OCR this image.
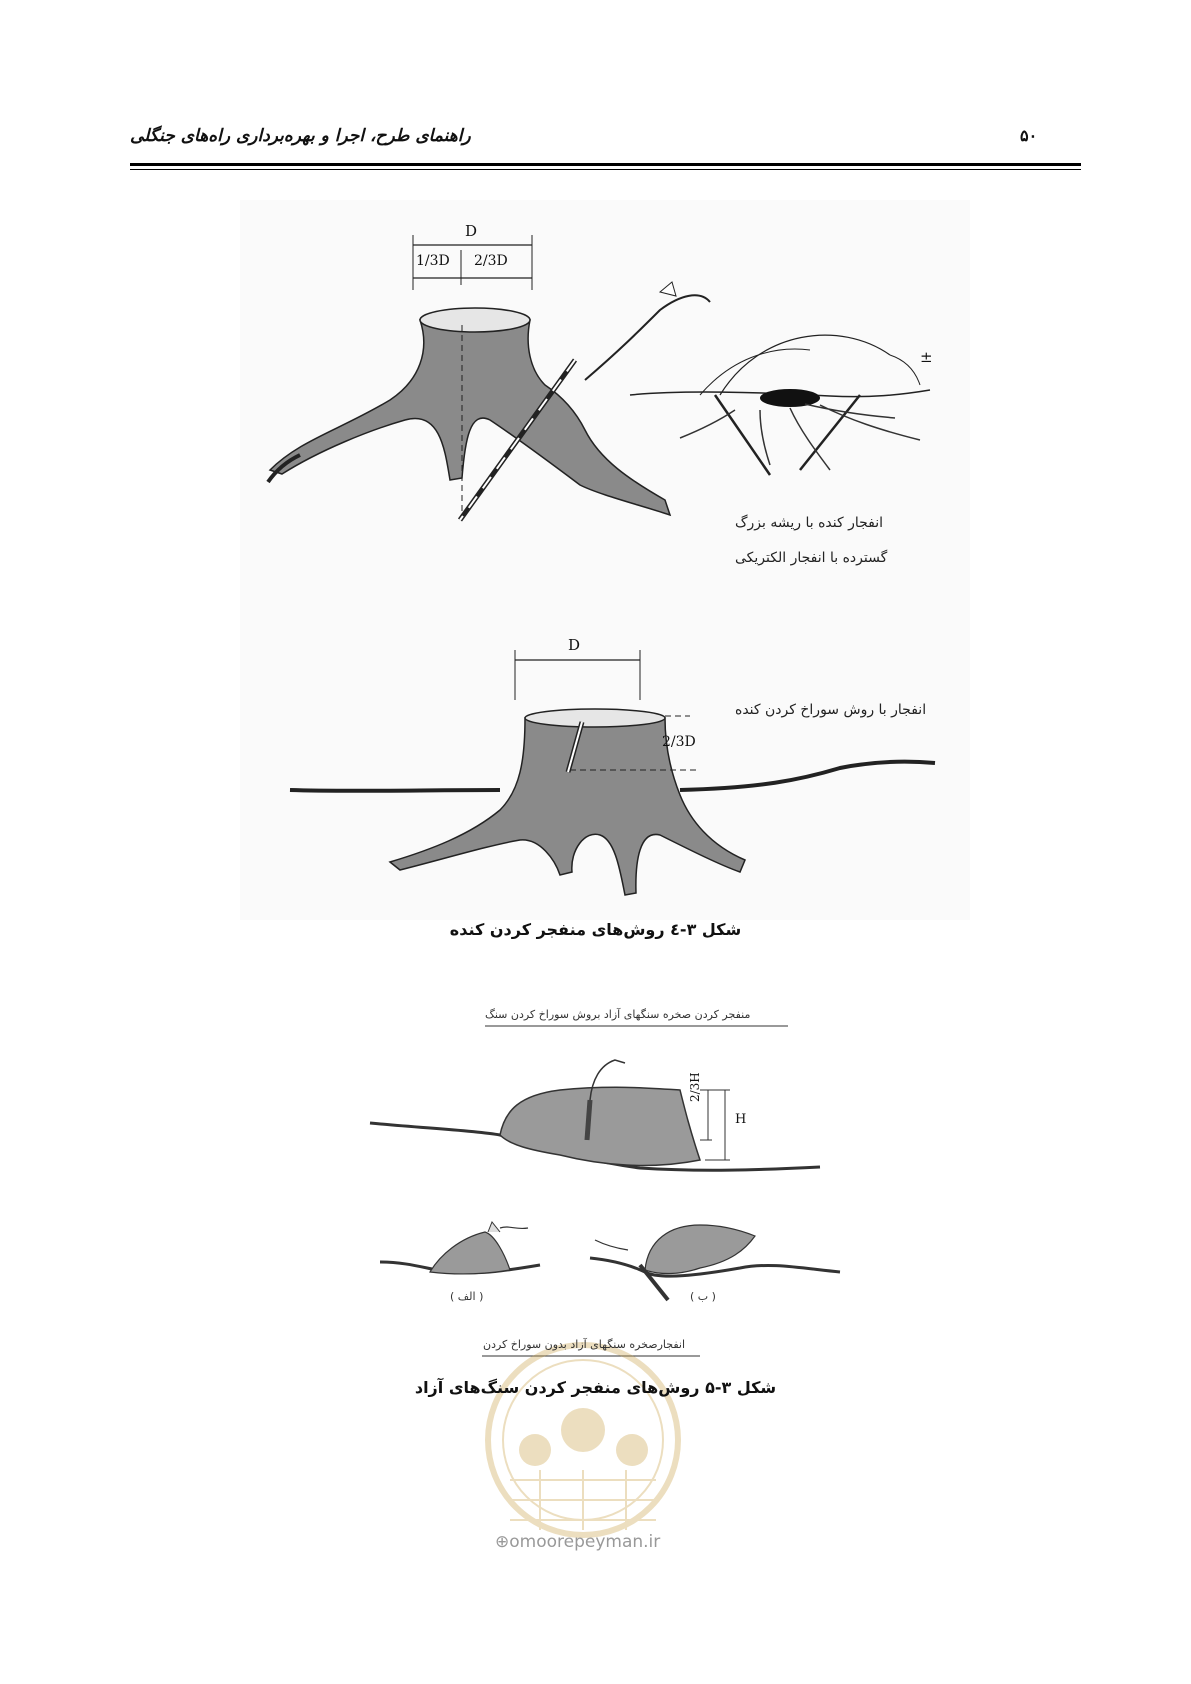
راهنمای طرح، اجرا و بهره‌برداری راه‌های جنگلی	۵۰
D
1/3D 2/3D
±
انفجار کنده با ریشه بزرگ
گسترده با انفجار الکتریکی
D
2/3D
انفجار با روش سوراخ کردن کنده
شکل ۳-٤ روش‌های منفجر کردن کنده
منفجر کردن صخره سنگهای آزاد بروش سوراخ کردن سنگ
2/3H
H
( الف )	( ب )
انفجارصخره سنگهای آزاد بدون سوراخ کردن
شکل ۳-۵ روش‌های منفجر کردن سنگ‌های آزاد
⊕omoorepeyman.ir
